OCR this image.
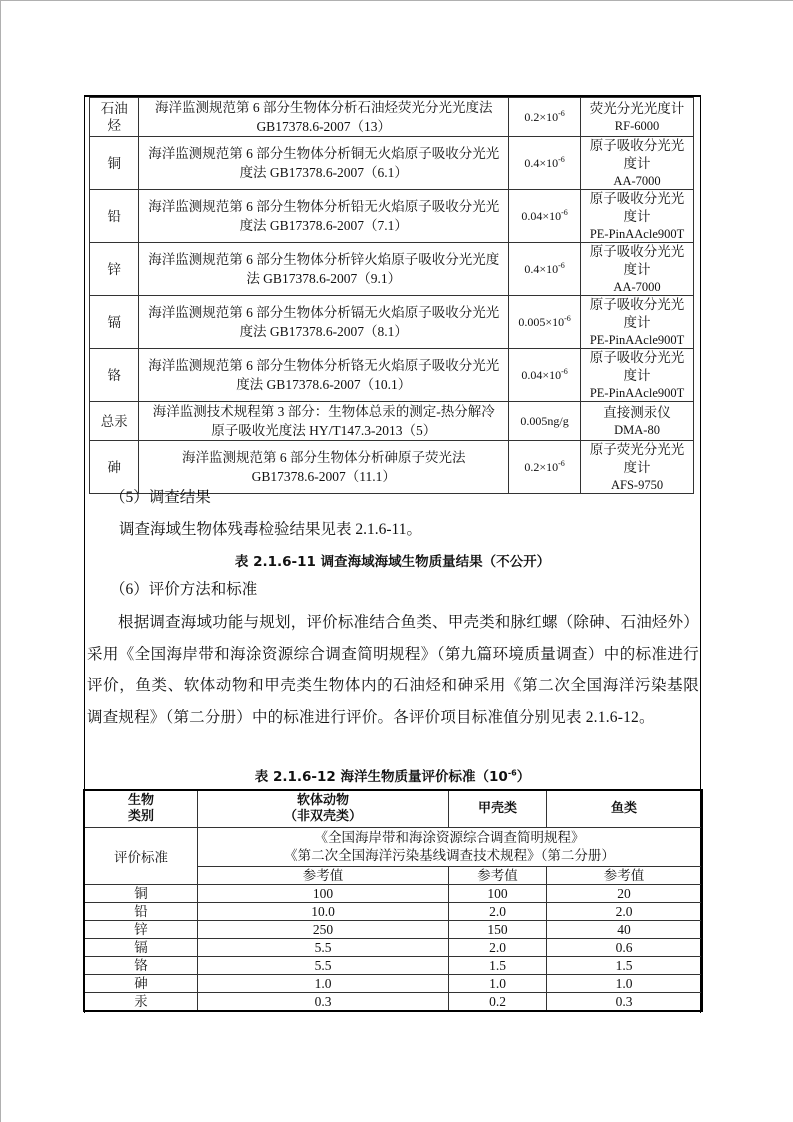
石油烃	海洋监测规范第 6 部分生物体分析石油烃荧光分光光度法
GB17378.6-2007（13）	$0.2\times 10^{-6}$	荧光分光光度计
RF-6000
铜	海洋监测规范第 6 部分生物体分析铜无火焰原子吸收分光光
度法 GB17378.6-2007（6.1）	$0.4\times 10^{-6}$	原子吸收分光光
度计
AA-7000
铅	海洋监测规范第 6 部分生物体分析铅无火焰原子吸收分光光
度法 GB17378.6-2007（7.1）	$0.04\times 10^{-6}$	原子吸收分光光
度计
PE-PinAAcle900T
锌	海洋监测规范第 6 部分生物体分析锌火焰原子吸收分光光度
法 GB17378.6-2007（9.1）	$0.4\times 10^{-6}$	原子吸收分光光
度计
AA-7000
镉	海洋监测规范第 6 部分生物体分析镉无火焰原子吸收分光光
度法 GB17378.6-2007（8.1）	$0.005\times 10^{-6}$	原子吸收分光光
度计
PE-PinAAcle900T
铬	海洋监测规范第 6 部分生物体分析铬无火焰原子吸收分光光
度法 GB17378.6-2007（10.1）	$0.04\times 10^{-6}$	原子吸收分光光
度计
PE-PinAAcle900T
总汞	海洋监测技术规程第 3 部分：生物体总汞的测定-热分解冷
原子吸收光度法 HY/T147.3-2013（5）	0.005ng/g	直接测汞仪
DMA-80
砷	海洋监测规范第 6 部分生物体分析砷原子荧光法
GB17378.6-2007（11.1）	$0.2\times 10^{-6}$	原子荧光分光光
度计
AFS-9750
（5）调查结果
调查海域生物体残毒检验结果见表 2.1.6-11。
表 2.1.6-11 调查海域海域生物质量结果（不公开）
（6）评价方法和标准
根据调查海域功能与规划，评价标准结合鱼类、甲壳类和脉红螺（除砷、石油烃外）采用《全国海岸带和海涂资源综合调查简明规程》（第九篇环境质量调查）中的标准进行评价，鱼类、软体动物和甲壳类生物体内的石油烃和砷采用《第二次全国海洋污染基限调查规程》（第二分册）中的标准进行评价。各评价项目标准值分别见表 2.1.6-12。
表 2.1.6-12 海洋生物质量评价标准$(10^{-6})$
生物
类别	软体动物
（非双壳类）	甲壳类	鱼类
评价标准	《全国海岸带和海涂资源综合调查简明规程》
《第二次全国海洋污染基线调查技术规程》（第二分册）		
	参考值	参考值	参考值
铜	100	100	20
铅	10.0	2.0	2.0
锌	250	150	40
镉	5.5	2.0	0.6
铬	5.5	1.5	1.5
砷	1.0	1.0	1.0
汞	0.3	0.2	0.3
